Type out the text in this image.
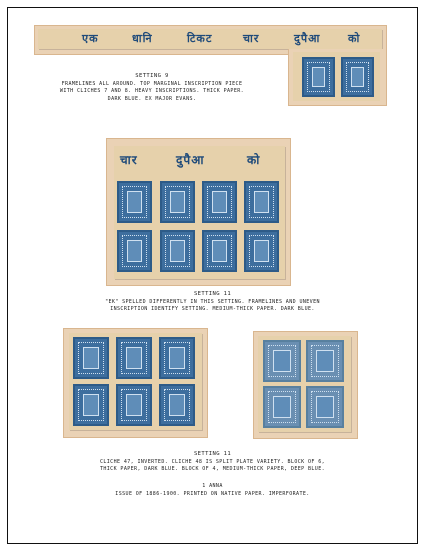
एक	धानि	टिकट	चार	दुपैआ	को
SETTING 9
FRAMELINES ALL AROUND. TOP MARGINAL INSCRIPTION PIECE
WITH CLICHES 7 AND 8. HEAVY INSCRIPTIONS. THICK PAPER.
DARK BLUE. EX MAJOR EVANS.
चार	दुपैआ	को
SETTING 11
"EK" SPELLED DIFFERENTLY IN THIS SETTING. FRAMELINES AND UNEVEN
INSCRIPTION IDENTIFY SETTING. MEDIUM-THICK PAPER. DARK BLUE.
SETTING 11
CLICHE 47, INVERTED. CLICHE 48 IS SPLIT PLATE VARIETY. BLOCK OF 6,
THICK PAPER, DARK BLUE. BLOCK OF 4, MEDIUM-THICK PAPER, DEEP BLUE.
1 ANNA
ISSUE OF 1886-1900. PRINTED ON NATIVE PAPER. IMPERFORATE.
